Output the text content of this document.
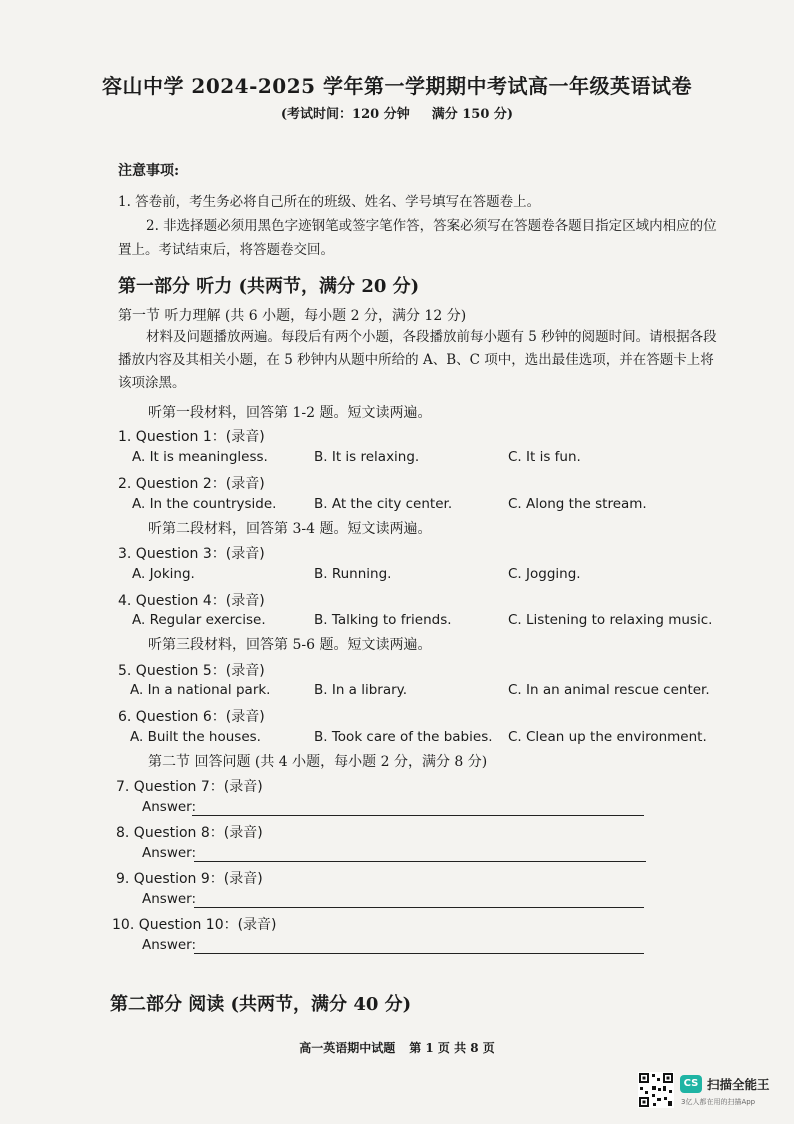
容山中学 2024-2025 学年第一学期期中考试高一年级英语试卷
(考试时间：120 分钟 满分 150 分)
注意事项:
1. 答卷前，考生务必将自己所在的班级、姓名、学号填写在答题卷上。
2. 非选择题必须用黑色字迹钢笔或签字笔作答，答案必须写在答题卷各题目指定区域内相应的位置上。考试结束后，将答题卷交回。
第一部分 听力 (共两节，满分 20 分)
第一节 听力理解 (共 6 小题，每小题 2 分，满分 12 分)
材料及问题播放两遍。每段后有两个小题，各段播放前每小题有 5 秒钟的阅题时间。请根据各段播放内容及其相关小题，在 5 秒钟内从题中所给的 A、B、C 项中，选出最佳选项，并在答题卡上将该项涂黑。
听第一段材料，回答第 1-2 题。短文读两遍。
1. Question 1：(录音)
A. It is meaningless.	B. It is relaxing.	C. It is fun.
2. Question 2：(录音)
A. In the countryside.	B. At the city center.	C. Along the stream.
听第二段材料，回答第 3-4 题。短文读两遍。
3. Question 3：(录音)
A. Joking.	B. Running.	C. Jogging.
4. Question 4：(录音)
A. Regular exercise.	B. Talking to friends.	C. Listening to relaxing music.
听第三段材料，回答第 5-6 题。短文读两遍。
5. Question 5：(录音)
A. In a national park.	B. In a library.	C. In an animal rescue center.
6. Question 6：(录音)
A. Built the houses.	B. Took care of the babies. C. Clean up the environment.
第二节 回答问题 (共 4 小题，每小题 2 分，满分 8 分)
7. Question 7：(录音)
Answer:
8. Question 8：(录音)
Answer:
9. Question 9：(录音)
Answer:
10. Question 10：(录音)
Answer:
第二部分 阅读 (共两节，满分 40 分)
高一英语期中试题 第 1 页 共 8 页
CS 扫描全能王
3亿人都在用的扫描App
